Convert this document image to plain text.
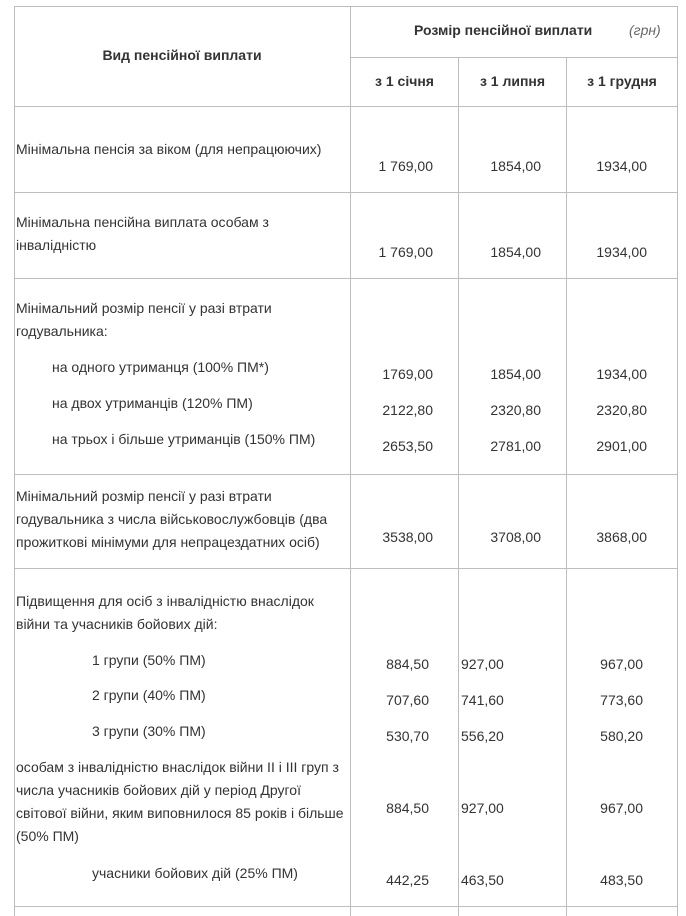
Вид пенсійної виплати
Розмір пенсійної виплати	(грн)
з 1 січня	з 1 липня	з 1 грудня
Мінімальна пенсія за віком (для непрацюючих)
1 769,00	1854,00	1934,00
Мінімальна пенсійна виплата особам з
інвалідністю	1 769,00	1854,00	1934,00
Мінімальний розмір пенсії у разі втрати
годувальника:
на одного утриманця (100% ПМ*)	1769,00	1854,00	1934,00
на двох утриманців (120% ПМ)	2122,80	2320,80	2320,80
на трьох і більше утриманців (150% ПМ)	2653,50	2781,00	2901,00
Мінімальний розмір пенсії у разі втрати
годувальника з числа військовослужбовців (два
прожиткові мінімуми для непрацездатних осіб)	3538,00	3708,00	3868,00
Підвищення для осіб з інвалідністю внаслідок
війни та учасників бойових дій:
1 групи (50% ПМ)	884,50 927,00	967,00
2 групи (40% ПМ)	707,60 741,60	773,60
3 групи (30% ПМ)	530,70 556,20	580,20
особам з інвалідністю внаслідок війни II і III груп з
числа учасників бойових дій у період Другої
світової війни, яким виповнилося 85 років і більше
(50% ПМ)
884,50 927,00	967,00
учасники бойових дій (25% ПМ)	442,25 463,50	483,50
